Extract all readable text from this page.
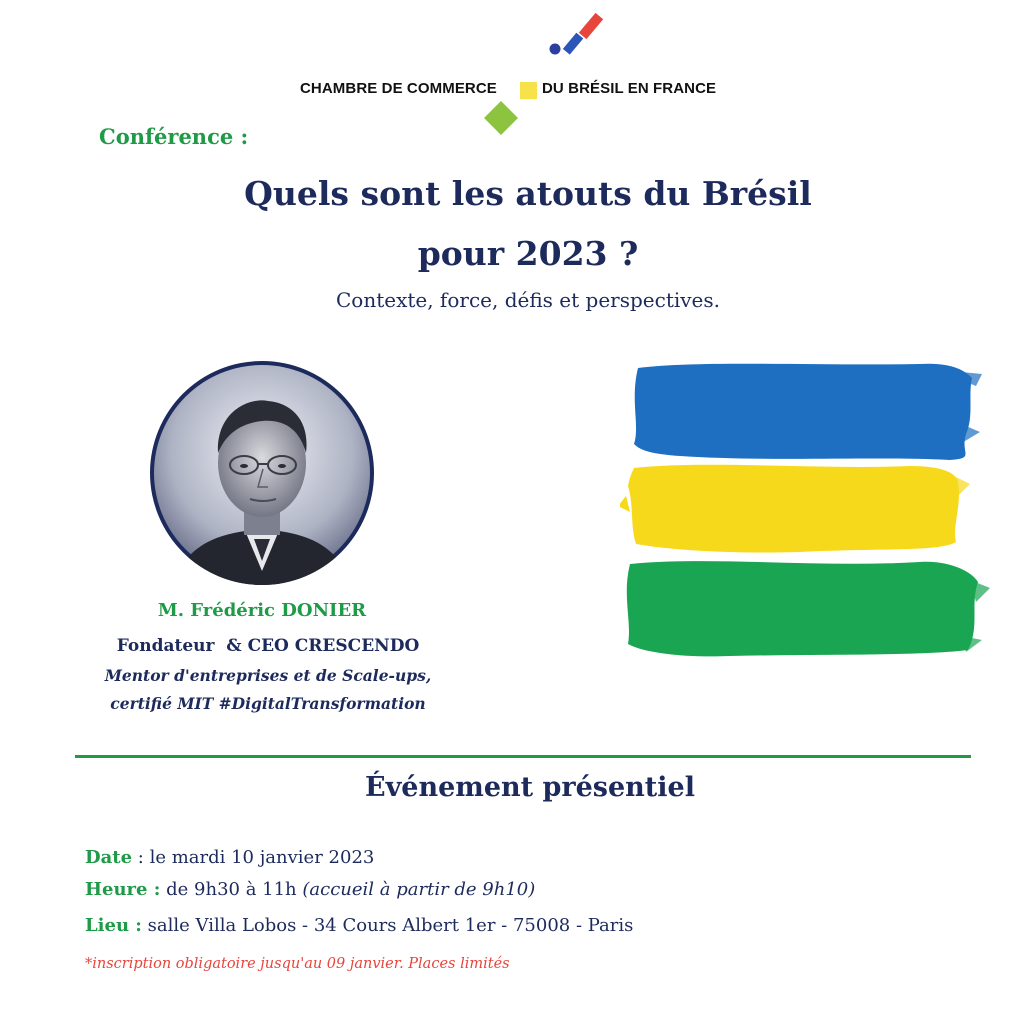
CHAMBRE DE COMMERCE	DU BRÉSIL EN FRANCE
Conférence :
Quels sont les atouts du Brésil
pour 2023 ?
Contexte, force, défis et perspectives.
M. Frédéric DONIER
Fondateur  & CEO CRESCENDO
Mentor d'entreprises et de Scale-ups,
certifié MIT #DigitalTransformation
Événement présentiel
Date : le mardi 10 janvier 2023
Heure : de 9h30 à 11h (accueil à partir de 9h10)
Lieu : salle Villa Lobos - 34 Cours Albert 1er - 75008 - Paris
*inscription obligatoire jusqu'au 09 janvier. Places limités
